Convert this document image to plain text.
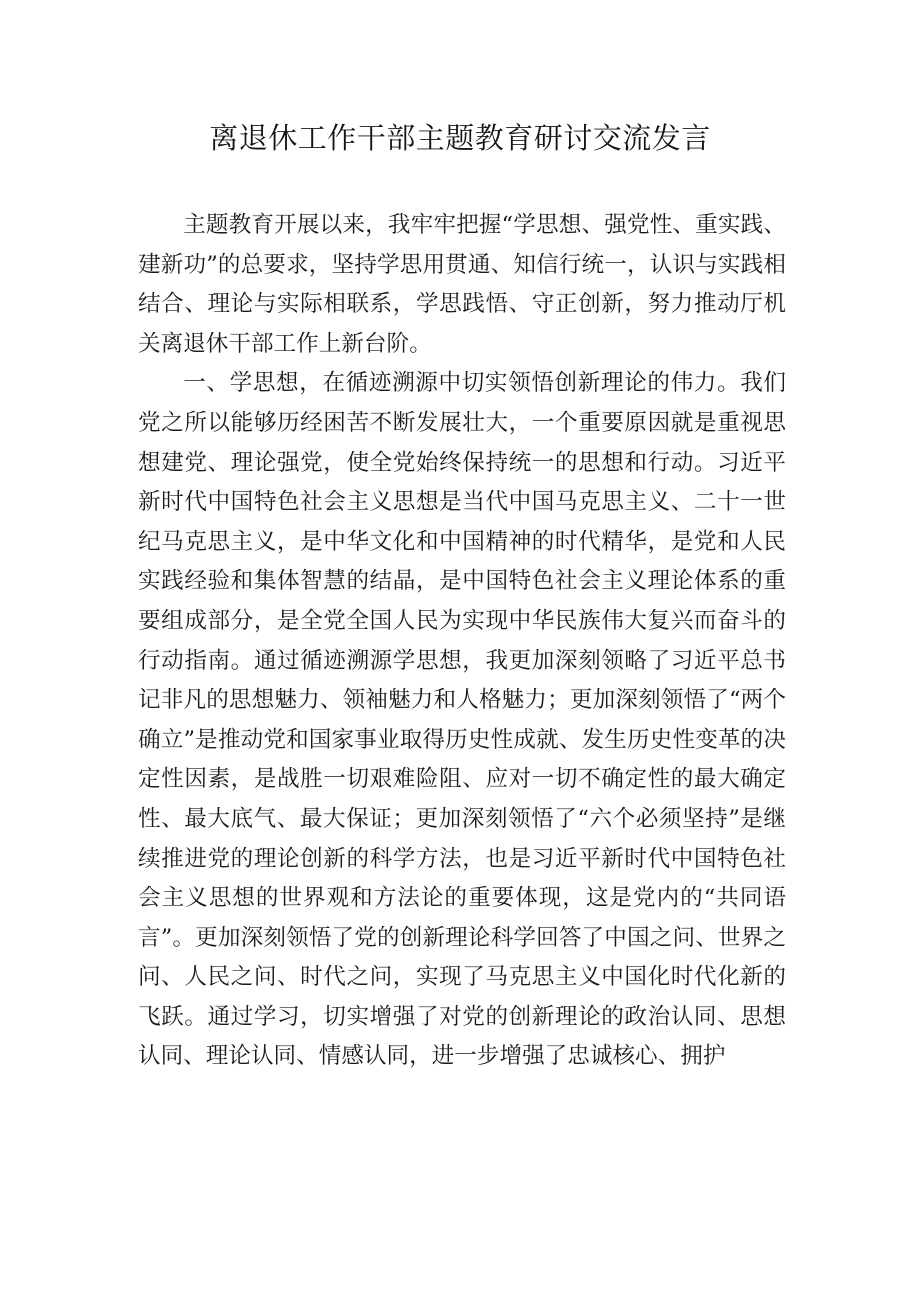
离退休工作干部主题教育研讨交流发言

主题教育开展以来，我牢牢把握“学思想、强党性、重实践、建新功”的总要求，坚持学思用贯通、知信行统一，认识与实践相结合、理论与实际相联系，学思践悟、守正创新，努力推动厅机关离退休干部工作上新台阶。

一、学思想，在循迹溯源中切实领悟创新理论的伟力。我们党之所以能够历经困苦不断发展壮大，一个重要原因就是重视思想建党、理论强党，使全党始终保持统一的思想和行动。习近平新时代中国特色社会主义思想是当代中国马克思主义、二十一世纪马克思主义，是中华文化和中国精神的时代精华，是党和人民实践经验和集体智慧的结晶，是中国特色社会主义理论体系的重要组成部分，是全党全国人民为实现中华民族伟大复兴而奋斗的行动指南。通过循迹溯源学思想，我更加深刻领略了习近平总书记非凡的思想魅力、领袖魅力和人格魅力；更加深刻领悟了“两个确立”是推动党和国家事业取得历史性成就、发生历史性变革的决定性因素，是战胜一切艰难险阻、应对一切不确定性的最大确定性、最大底气、最大保证；更加深刻领悟了“六个必须坚持”是继续推进党的理论创新的科学方法，也是习近平新时代中国特色社会主义思想的世界观和方法论的重要体现，这是党内的“共同语言”。更加深刻领悟了党的创新理论科学回答了中国之问、世界之问、人民之问、时代之问，实现了马克思主义中国化时代化新的飞跃。通过学习，切实增强了对党的创新理论的政治认同、思想认同、理论认同、情感认同，进一步增强了忠诚核心、拥护
